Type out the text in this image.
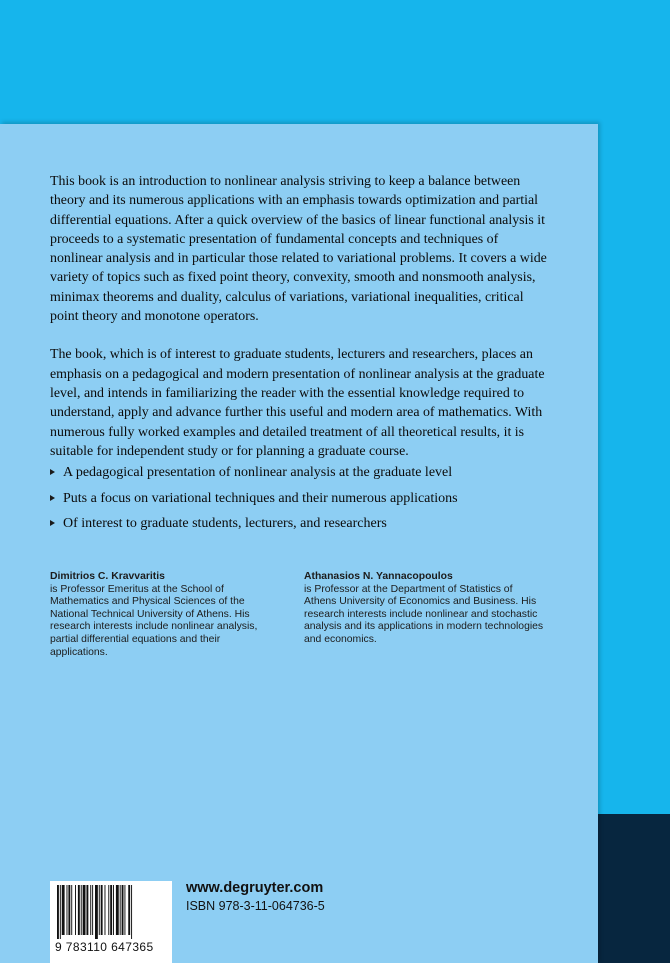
This book is an introduction to nonlinear analysis striving to keep a balance between theory and its numerous applications with an emphasis towards optimization and partial differential equations. After a quick overview of the basics of linear functional analysis it proceeds to a systematic presentation of fundamental concepts and techniques of nonlinear analysis and in particular those related to variational problems. It covers a wide variety of topics such as fixed point theory, convexity, smooth and nonsmooth analysis, minimax theorems and duality, calculus of variations, variational inequalities, critical point theory and monotone operators.

The book, which is of interest to graduate students, lecturers and researchers, places an emphasis on a pedagogical and modern presentation of nonlinear analysis at the graduate level, and intends in familiarizing the reader with the essential knowledge required to understand, apply and advance further this useful and modern area of mathematics. With numerous fully worked examples and detailed treatment of all theoretical results, it is suitable for independent study or for planning a graduate course.

A pedagogical presentation of nonlinear analysis at the graduate level
Puts a focus on variational techniques and their numerous applications
Of interest to graduate students, lecturers, and researchers
Dimitrios C. Kravvaritis
is Professor Emeritus at the School of Mathematics and Physical Sciences of the National Technical University of Athens. His research interests include nonlinear analysis, partial differential equations and their applications.
Athanasios N. Yannacopoulos
is Professor at the Department of Statistics of Athens University of Economics and Business. His research interests include nonlinear and stochastic analysis and its applications in modern technologies and economics.
9 783110 647365
www.degruyter.com
ISBN 978-3-11-064736-5
